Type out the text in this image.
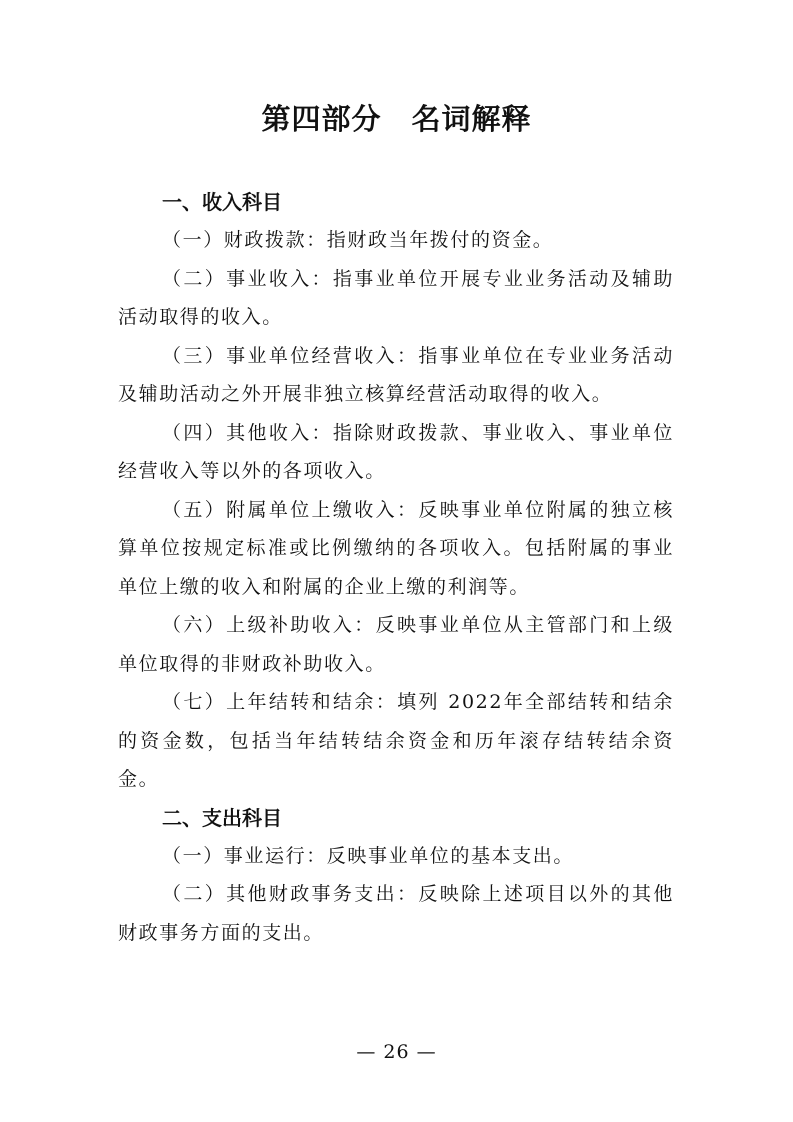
第四部分　名词解释

一、收入科目

（一）财政拨款：指财政当年拨付的资金。

（二）事业收入：指事业单位开展专业业务活动及辅助活动取得的收入。

（三）事业单位经营收入：指事业单位在专业业务活动及辅助活动之外开展非独立核算经营活动取得的收入。

（四）其他收入：指除财政拨款、事业收入、事业单位经营收入等以外的各项收入。

（五）附属单位上缴收入：反映事业单位附属的独立核算单位按规定标准或比例缴纳的各项收入。包括附属的事业单位上缴的收入和附属的企业上缴的利润等。

（六）上级补助收入：反映事业单位从主管部门和上级单位取得的非财政补助收入。

（七）上年结转和结余：填列 2022年全部结转和结余的资金数，包括当年结转结余资金和历年滚存结转结余资金。

二、支出科目

（一）事业运行：反映事业单位的基本支出。

（二）其他财政事务支出：反映除上述项目以外的其他财政事务方面的支出。

— 26 —
